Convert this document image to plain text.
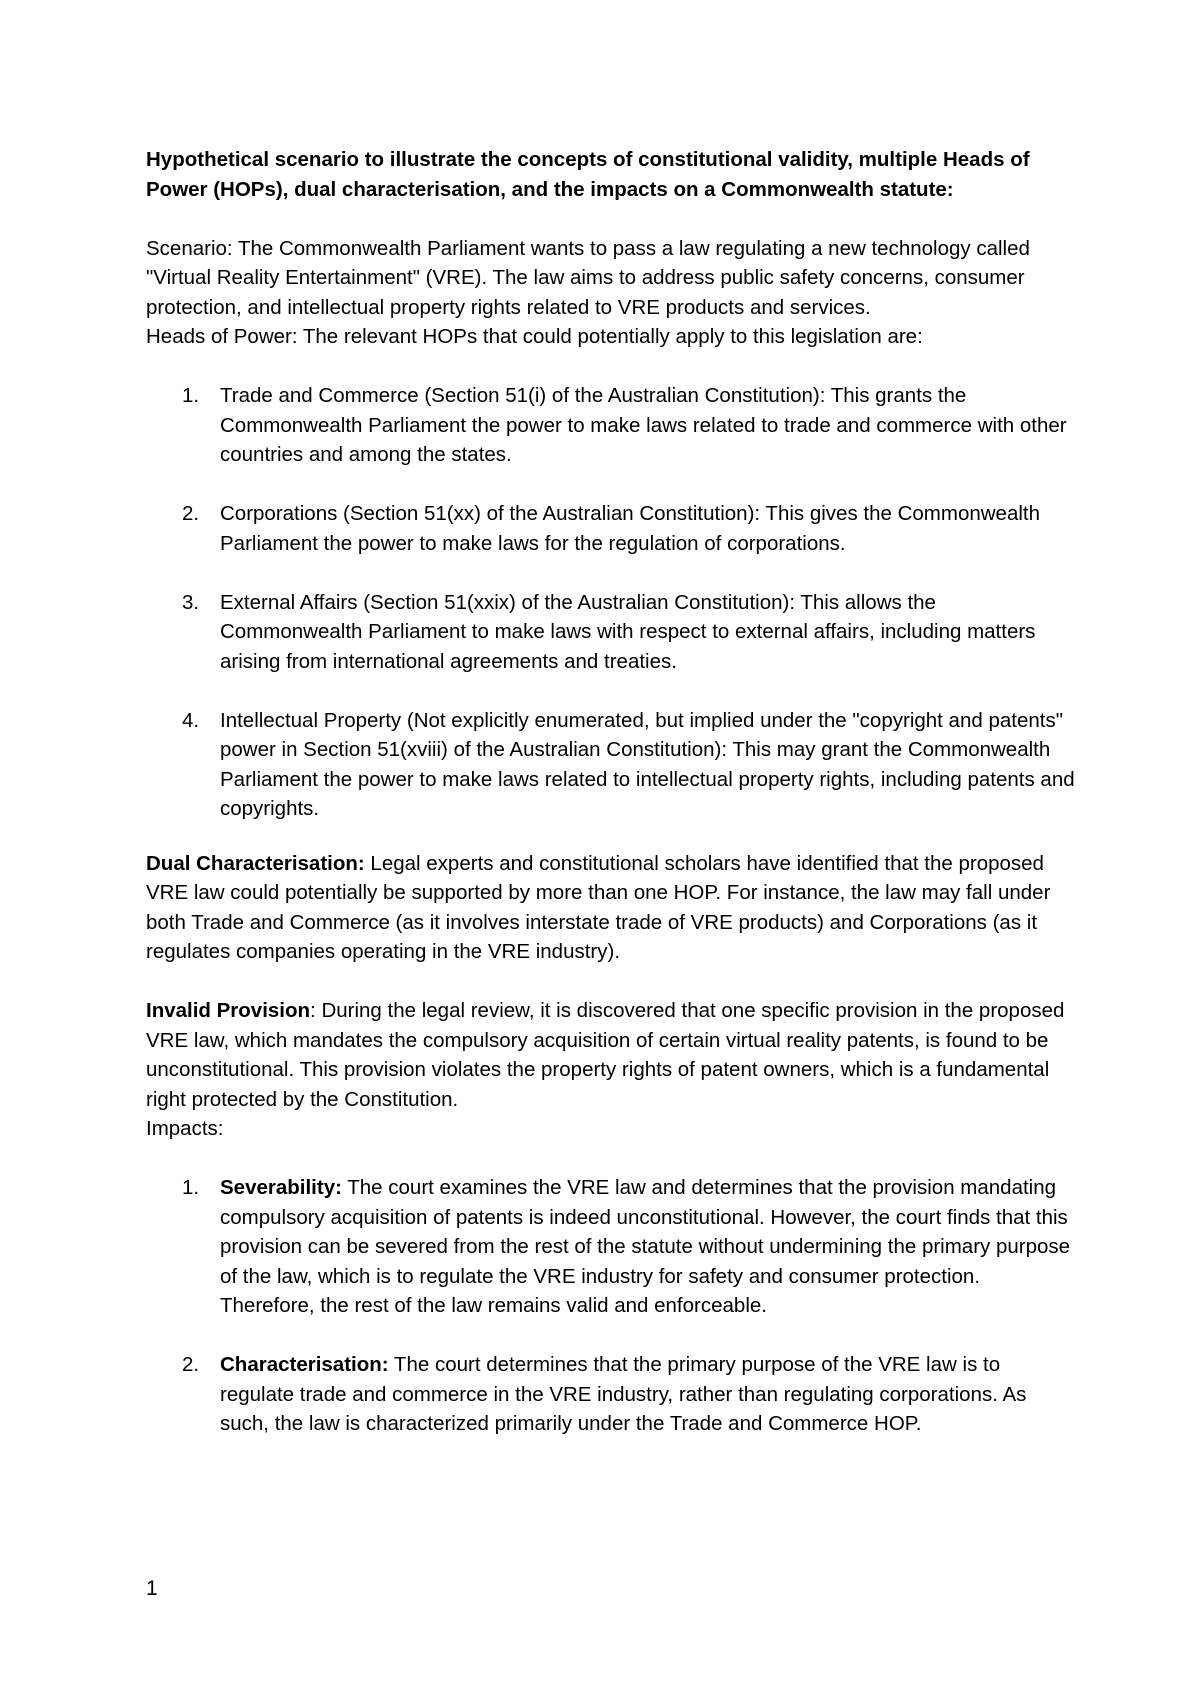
Hypothetical scenario to illustrate the concepts of constitutional validity, multiple Heads of Power (HOPs), dual characterisation, and the impacts on a Commonwealth statute:

Scenario: The Commonwealth Parliament wants to pass a law regulating a new technology called "Virtual Reality Entertainment" (VRE). The law aims to address public safety concerns, consumer protection, and intellectual property rights related to VRE products and services.

Heads of Power: The relevant HOPs that could potentially apply to this legislation are:

1. Trade and Commerce (Section 51(i) of the Australian Constitution): This grants the Commonwealth Parliament the power to make laws related to trade and commerce with other countries and among the states.
2. Corporations (Section 51(xx) of the Australian Constitution): This gives the Commonwealth Parliament the power to make laws for the regulation of corporations.
3. External Affairs (Section 51(xxix) of the Australian Constitution): This allows the Commonwealth Parliament to make laws with respect to external affairs, including matters arising from international agreements and treaties.
4. Intellectual Property (Not explicitly enumerated, but implied under the "copyright and patents" power in Section 51(xviii) of the Australian Constitution): This may grant the Commonwealth Parliament the power to make laws related to intellectual property rights, including patents and copyrights.

Dual Characterisation: Legal experts and constitutional scholars have identified that the proposed VRE law could potentially be supported by more than one HOP. For instance, the law may fall under both Trade and Commerce (as it involves interstate trade of VRE products) and Corporations (as it regulates companies operating in the VRE industry).

Invalid Provision: During the legal review, it is discovered that one specific provision in the proposed VRE law, which mandates the compulsory acquisition of certain virtual reality patents, is found to be unconstitutional. This provision violates the property rights of patent owners, which is a fundamental right protected by the Constitution.

Impacts:

1. Severability: The court examines the VRE law and determines that the provision mandating compulsory acquisition of patents is indeed unconstitutional. However, the court finds that this provision can be severed from the rest of the statute without undermining the primary purpose of the law, which is to regulate the VRE industry for safety and consumer protection. Therefore, the rest of the law remains valid and enforceable.
2. Characterisation: The court determines that the primary purpose of the VRE law is to regulate trade and commerce in the VRE industry, rather than regulating corporations. As such, the law is characterized primarily under the Trade and Commerce HOP.
1
